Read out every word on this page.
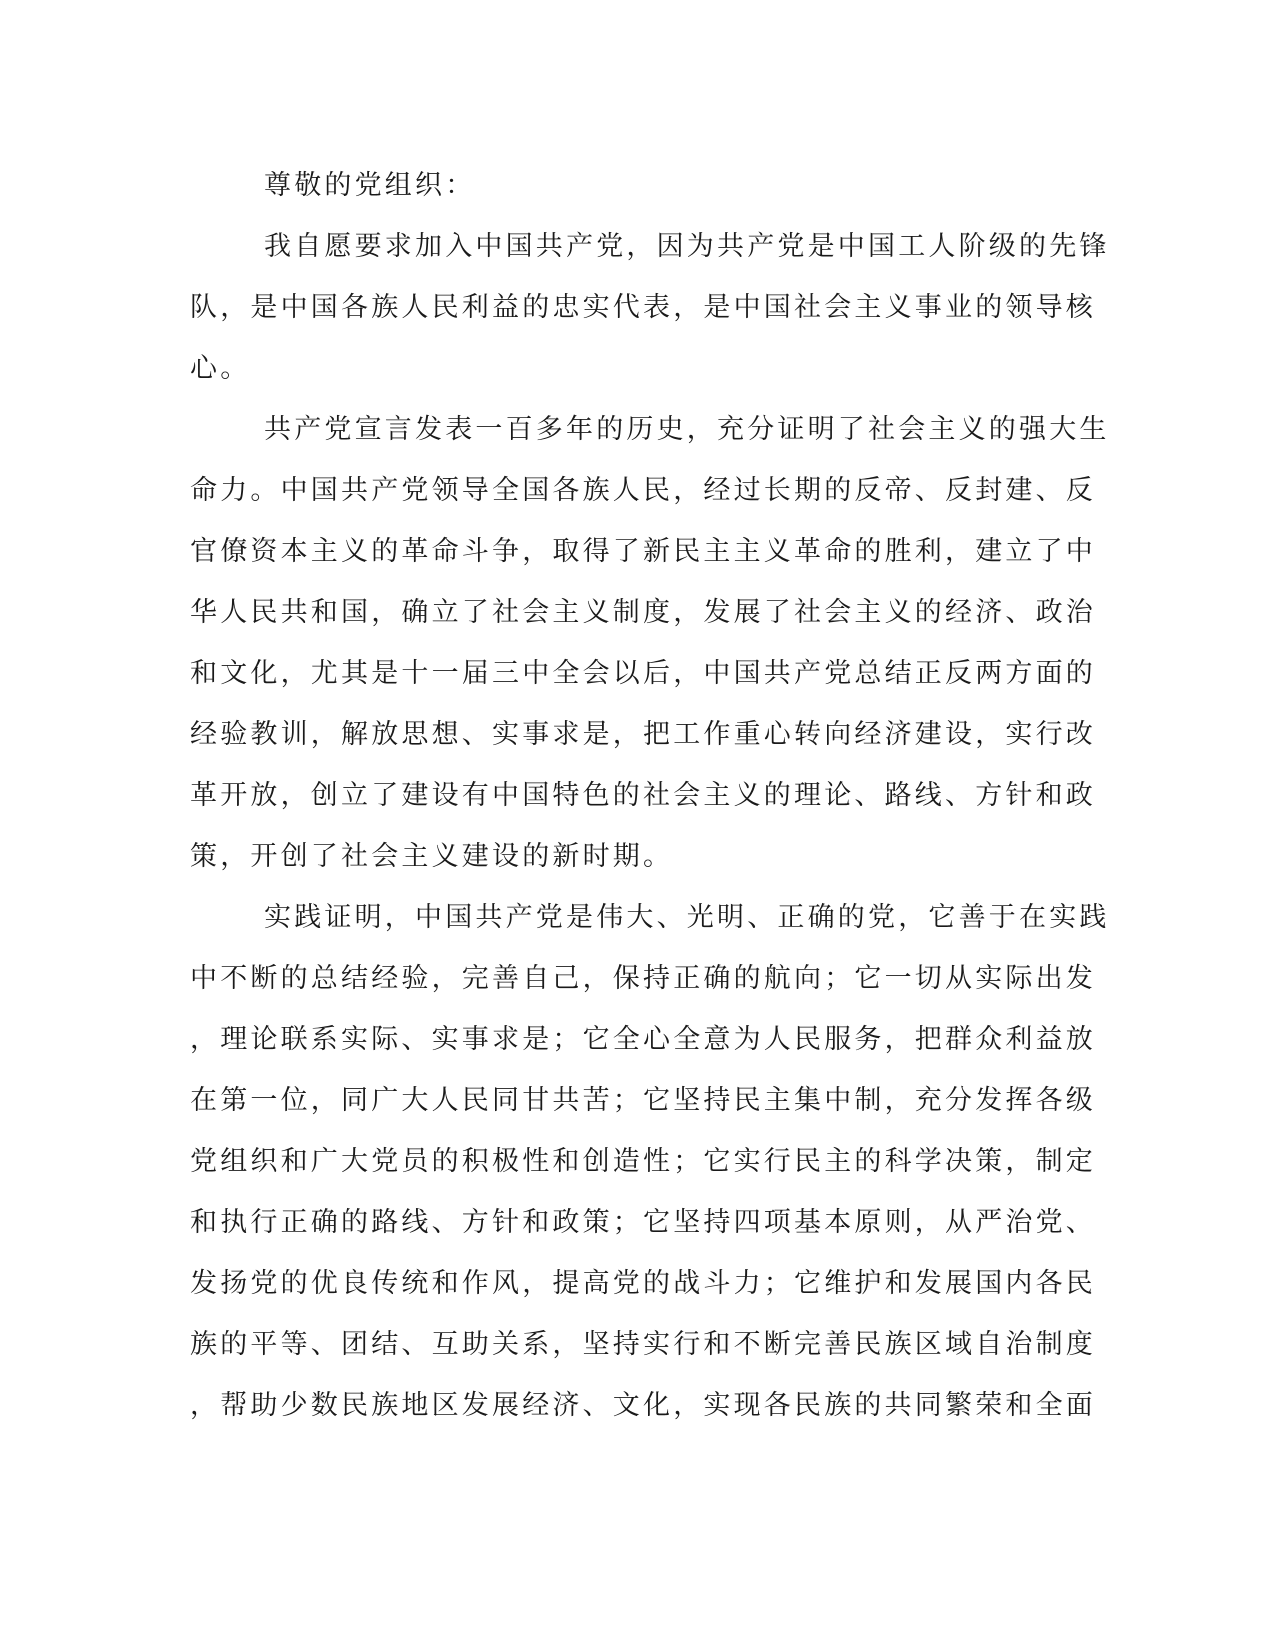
尊敬的党组织：

我自愿要求加入中国共产党，因为共产党是中国工人阶级的先锋
队，是中国各族人民利益的忠实代表，是中国社会主义事业的领导核
心。

共产党宣言发表一百多年的历史，充分证明了社会主义的强大生
命力。中国共产党领导全国各族人民，经过长期的反帝、反封建、反
官僚资本主义的革命斗争，取得了新民主主义革命的胜利，建立了中
华人民共和国，确立了社会主义制度，发展了社会主义的经济、政治
和文化，尤其是十一届三中全会以后，中国共产党总结正反两方面的
经验教训，解放思想、实事求是，把工作重心转向经济建设，实行改
革开放，创立了建设有中国特色的社会主义的理论、路线、方针和政
策，开创了社会主义建设的新时期。

实践证明，中国共产党是伟大、光明、正确的党，它善于在实践
中不断的总结经验，完善自己，保持正确的航向；它一切从实际出发
，理论联系实际、实事求是；它全心全意为人民服务，把群众利益放
在第一位，同广大人民同甘共苦；它坚持民主集中制，充分发挥各级
党组织和广大党员的积极性和创造性；它实行民主的科学决策，制定
和执行正确的路线、方针和政策；它坚持四项基本原则，从严治党、
发扬党的优良传统和作风，提高党的战斗力；它维护和发展国内各民
族的平等、团结、互助关系，坚持实行和不断完善民族区域自治制度
，帮助少数民族地区发展经济、文化，实现各民族的共同繁荣和全面
